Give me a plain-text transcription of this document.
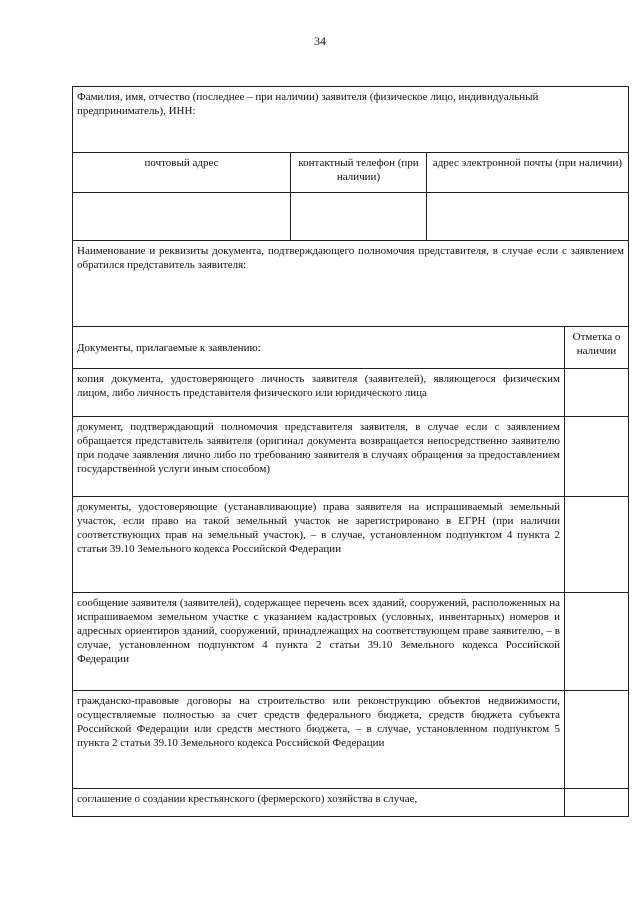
34
Фамилия, имя, отчество (последнее – при наличии) заявителя (физическое лицо, индивидуальный предприниматель), ИНН:			
почтовый адрес	контактный телефон (при наличии)	адрес электронной почты (при наличии)	

Наименование и реквизиты документа, подтверждающего полномочия представителя, в случае если с заявлением обратился представитель заявителя:			
Документы, прилагаемые к заявлению:			Отметка о наличии
копия документа, удостоверяющего личность заявителя (заявителей), являющегося физическим лицом, либо личность представителя физического или юридического лица			
документ, подтверждающий полномочия представителя заявителя, в случае если с заявлением обращается представитель заявителя (оригинал документа возвращается непосредственно заявителю при подаче заявления лично либо по требованию заявителя в случаях обращения за предоставлением государственной услуги иным способом)			
документы, удостоверяющие (устанавливающие) права заявителя на испрашиваемый земельный участок, если право на такой земельный участок не зарегистрировано в ЕГРН (при наличии соответствующих прав на земельный участок), – в случае, установленном подпунктом 4 пункта 2 статьи 39.10 Земельного кодекса Российской Федерации			
сообщение заявителя (заявителей), содержащее перечень всех зданий, сооружений, расположенных на испрашиваемом земельном участке с указанием кадастровых (условных, инвентарных) номеров и адресных ориентиров зданий, сооружений, принадлежащих на соответствующем праве заявителю, – в случае, установленном подпунктом 4 пункта 2 статьи 39.10 Земельного кодекса Российской Федерации			
гражданско-правовые договоры на строительство или реконструкцию объектов недвижимости, осуществляемые полностью за счет средств федерального бюджета, средств бюджета субъекта Российской Федерации или средств местного бюджета, – в случае, установленном подпунктом 5 пункта 2 статьи 39.10 Земельного кодекса Российской Федерации			
соглашение о создании крестьянского (фермерского) хозяйства в случае,			
